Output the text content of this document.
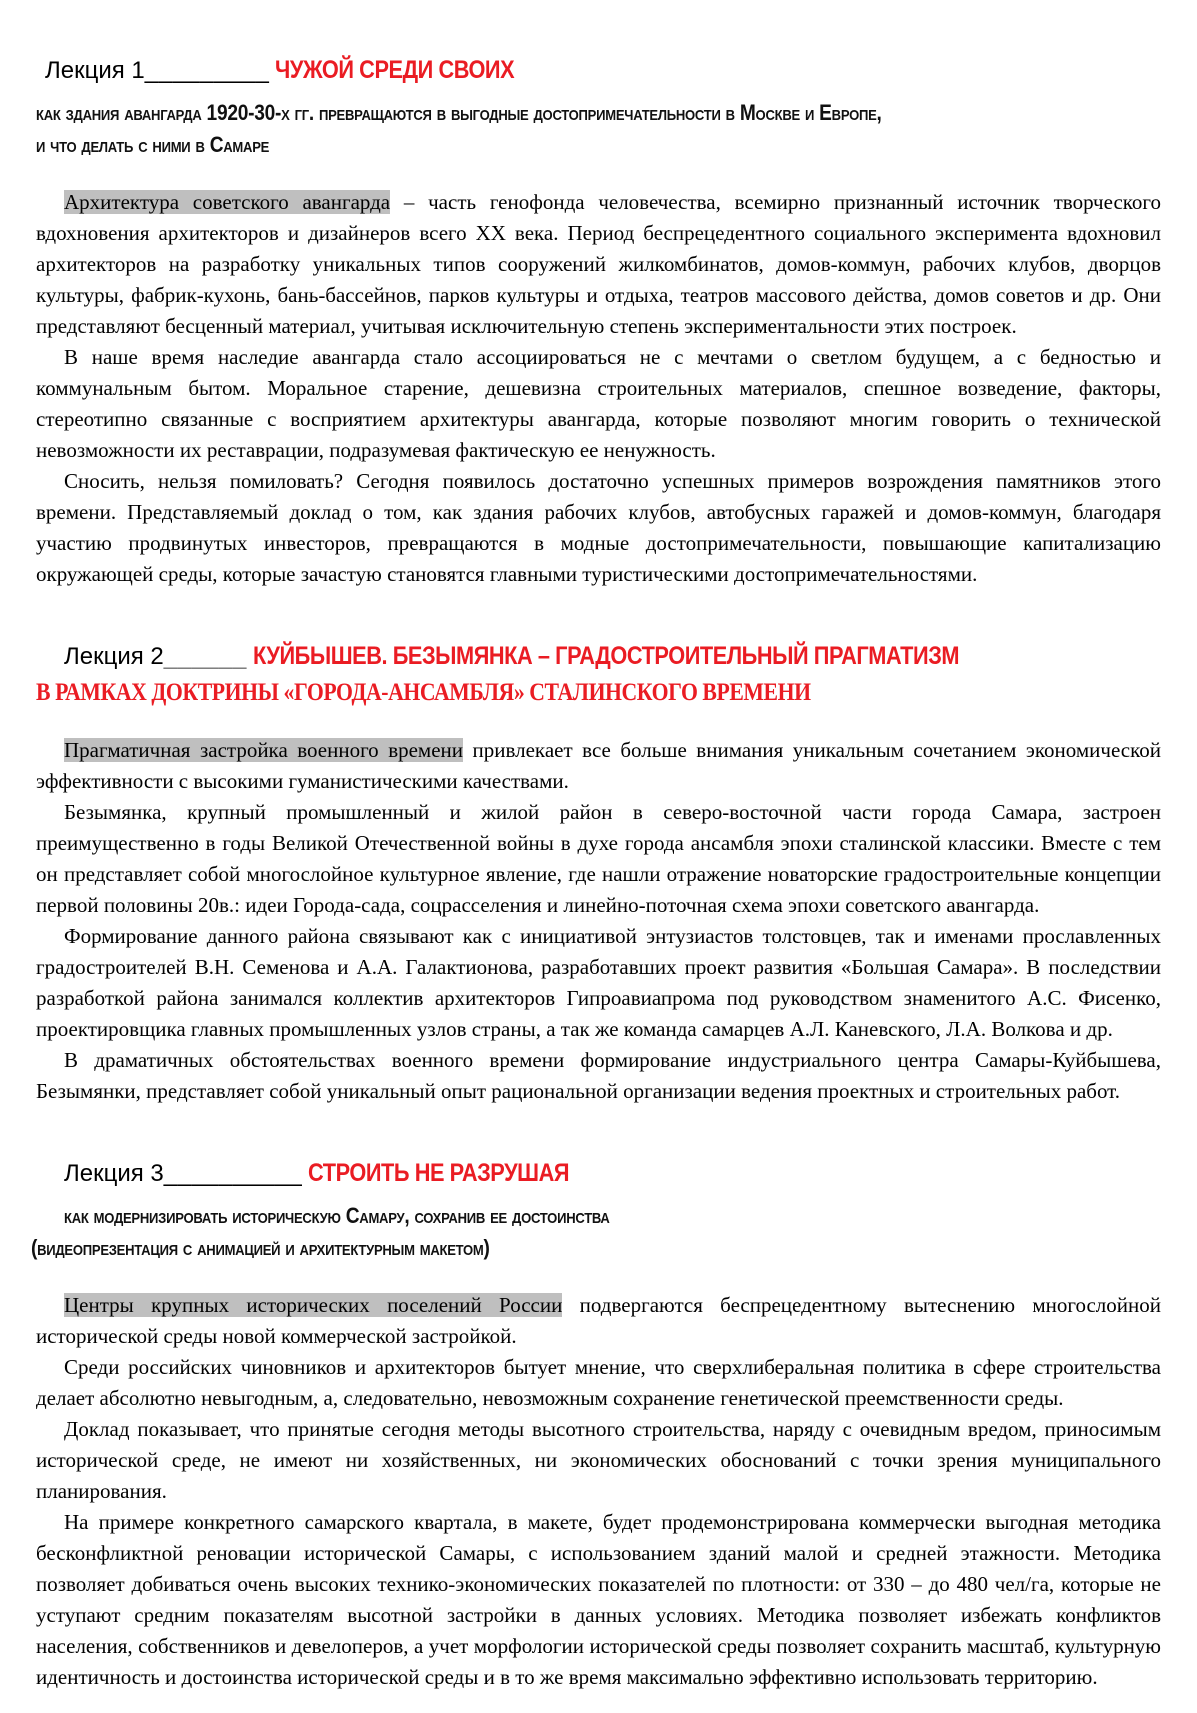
Лекция 1_________ ЧУЖОЙ СРЕДИ СВОИХ
как здания авангарда 1920-30-х гг. превращаются в выгодные достопримечательности в Москве и Европе,
и что делать с ними в Самаре

Архитектура советского авангарда – часть генофонда человечества, всемирно признанный источник творческого вдохновения архитекторов и дизайнеров всего XX века. Период беспрецедентного социального эксперимента вдохновил архитекторов на разработку уникальных типов сооружений жилкомбинатов, домов-коммун, рабочих клубов, дворцов культуры, фабрик-кухонь, бань-бассейнов, парков культуры и отдыха, театров массового действа, домов советов и др. Они представляют бесценный материал, учитывая исключительную степень экспериментальности этих построек.

В наше время наследие авангарда стало ассоциироваться не с мечтами о светлом будущем, а с бедностью и коммунальным бытом. Моральное старение, дешевизна строительных материалов, спешное возведение, факторы, стереотипно связанные с восприятием архитектуры авангарда, которые позволяют многим говорить о технической невозможности их реставрации, подразумевая фактическую ее ненужность.

Сносить, нельзя помиловать? Сегодня появилось достаточно успешных примеров возрождения памятников этого времени. Представляемый доклад о том, как здания рабочих клубов, автобусных гаражей и домов-коммун, благодаря участию продвинутых инвесторов, превращаются в модные достопримечательности, повышающие капитализацию окружающей среды, которые зачастую становятся главными туристическими достопримечательностями.

Лекция 2______ КУЙБЫШЕВ. БЕЗЫМЯНКА – ГРАДОСТРОИТЕЛЬНЫЙ ПРАГМАТИЗМ
В РАМКАХ ДОКТРИНЫ «ГОРОДА-АНСАМБЛЯ» СТАЛИНСКОГО ВРЕМЕНИ

Прагматичная застройка военного времени привлекает все больше внимания уникальным сочетанием экономической эффективности с высокими гуманистическими качествами.

Безымянка, крупный промышленный и жилой район в северо-восточной части города Самара, застроен преимущественно в годы Великой Отечественной войны в духе города ансамбля эпохи сталинской классики. Вместе с тем он представляет собой многослойное культурное явление, где нашли отражение новаторские градостроительные концепции первой половины 20в.: идеи Города-сада, соцрасселения и линейно-поточная схема эпохи советского авангарда.

Формирование данного района связывают как с инициативой энтузиастов толстовцев, так и именами прославленных градостроителей В.Н. Семенова и А.А. Галактионова, разработавших проект развития «Большая Самара». В последствии разработкой района занимался коллектив архитекторов Гипроавиапрома под руководством знаменитого А.С. Фисенко, проектировщика главных промышленных узлов страны, а так же команда самарцев А.Л. Каневского, Л.А. Волкова и др.

В драматичных обстоятельствах военного времени формирование индустриального центра Самары-Куйбышева, Безымянки, представляет собой уникальный опыт рациональной организации ведения проектных и строительных работ.

Лекция 3__________ СТРОИТЬ НЕ РАЗРУШАЯ
как модернизировать историческую Самару, сохранив ее достоинства
(видеопрезентация с анимацией и архитектурным макетом)

Центры крупных исторических поселений России подвергаются беспрецедентному вытеснению многослойной исторической среды новой коммерческой застройкой.

Среди российских чиновников и архитекторов бытует мнение, что сверхлиберальная политика в сфере строительства делает абсолютно невыгодным, а, следовательно, невозможным сохранение генетической преемственности среды.

Доклад показывает, что принятые сегодня методы высотного строительства, наряду с очевидным вредом, приносимым исторической среде, не имеют ни хозяйственных, ни экономических обоснований с точки зрения муниципального планирования.

На примере конкретного самарского квартала, в макете, будет продемонстрирована коммерчески выгодная методика бесконфликтной реновации исторической Самары, с использованием зданий малой и средней этажности. Методика позволяет добиваться очень высоких технико-экономических показателей по плотности: от 330 – до 480 чел/га, которые не уступают средним показателям высотной застройки в данных условиях. Методика позволяет избежать конфликтов населения, собственников и девелоперов, а учет морфологии исторической среды позволяет сохранить масштаб, культурную идентичность и достоинства исторической среды и в то же время максимально эффективно использовать территорию.
